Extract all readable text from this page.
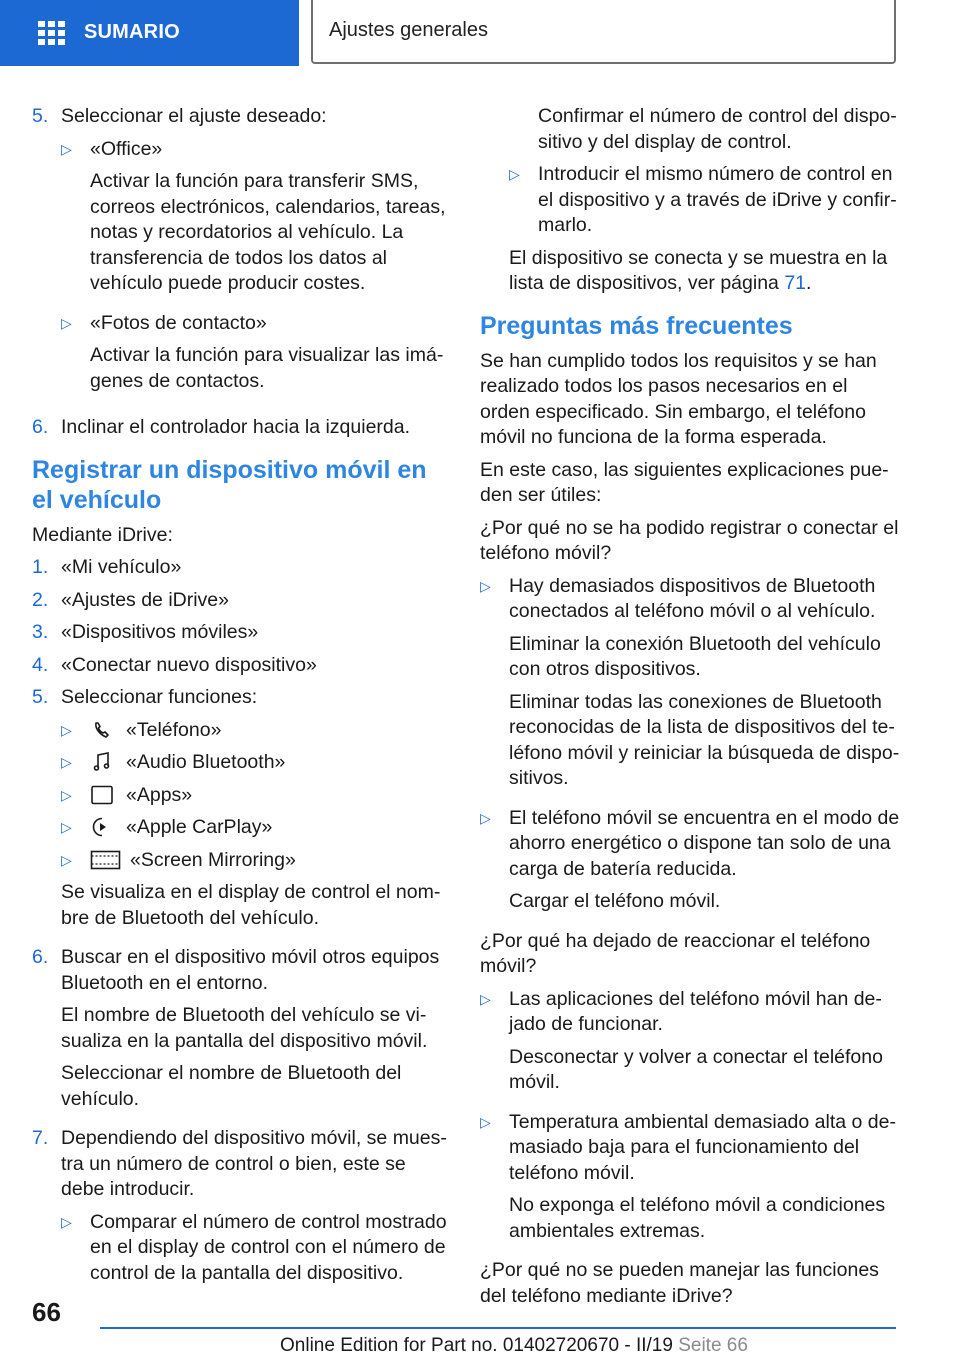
SUMARIO	Ajustes generales
5. Seleccionar el ajuste deseado:
▷ «Office»
Activar la función para transferir SMS, correos electrónicos, calendarios, tareas, notas y recordatorios al vehículo. La transferencia de todos los datos al vehículo puede producir costes.
▷ «Fotos de contacto»
Activar la función para visualizar las imágenes de contactos.
6. Inclinar el controlador hacia la izquierda.
Registrar un dispositivo móvil en el vehículo
Mediante iDrive:
1. «Mi vehículo»
2. «Ajustes de iDrive»
3. «Dispositivos móviles»
4. «Conectar nuevo dispositivo»
5. Seleccionar funciones:
▷	«Teléfono»
▷	«Audio Bluetooth»
▷	«Apps»
▷	«Apple CarPlay»
▷	«Screen Mirroring»
Se visualiza en el display de control el nombre de Bluetooth del vehículo.
6. Buscar en el dispositivo móvil otros equipos Bluetooth en el entorno.
El nombre de Bluetooth del vehículo se visualiza en la pantalla del dispositivo móvil.
Seleccionar el nombre de Bluetooth del vehículo.
7. Dependiendo del dispositivo móvil, se muestra un número de control o bien, este se debe introducir.
▷ Comparar el número de control mostrado en el display de control con el número de control de la pantalla del dispositivo.
Confirmar el número de control del dispositivo y del display de control.
▷ Introducir el mismo número de control en el dispositivo y a través de iDrive y confirmarlo.
El dispositivo se conecta y se muestra en la lista de dispositivos, ver página 71.
Preguntas más frecuentes
Se han cumplido todos los requisitos y se han realizado todos los pasos necesarios en el orden especificado. Sin embargo, el teléfono móvil no funciona de la forma esperada.
En este caso, las siguientes explicaciones pueden ser útiles:
¿Por qué no se ha podido registrar o conectar el teléfono móvil?
▷ Hay demasiados dispositivos de Bluetooth conectados al teléfono móvil o al vehículo.
Eliminar la conexión Bluetooth del vehículo con otros dispositivos.
Eliminar todas las conexiones de Bluetooth reconocidas de la lista de dispositivos del teléfono móvil y reiniciar la búsqueda de dispositivos.
▷ El teléfono móvil se encuentra en el modo de ahorro energético o dispone tan solo de una carga de batería reducida.
Cargar el teléfono móvil.
¿Por qué ha dejado de reaccionar el teléfono móvil?
▷ Las aplicaciones del teléfono móvil han dejado de funcionar.
Desconectar y volver a conectar el teléfono móvil.
▷ Temperatura ambiental demasiado alta o demasiado baja para el funcionamiento del teléfono móvil.
No exponga el teléfono móvil a condiciones ambientales extremas.
¿Por qué no se pueden manejar las funciones del teléfono mediante iDrive?
66
Online Edition for Part no. 01402720670 - II/19 Seite 66
